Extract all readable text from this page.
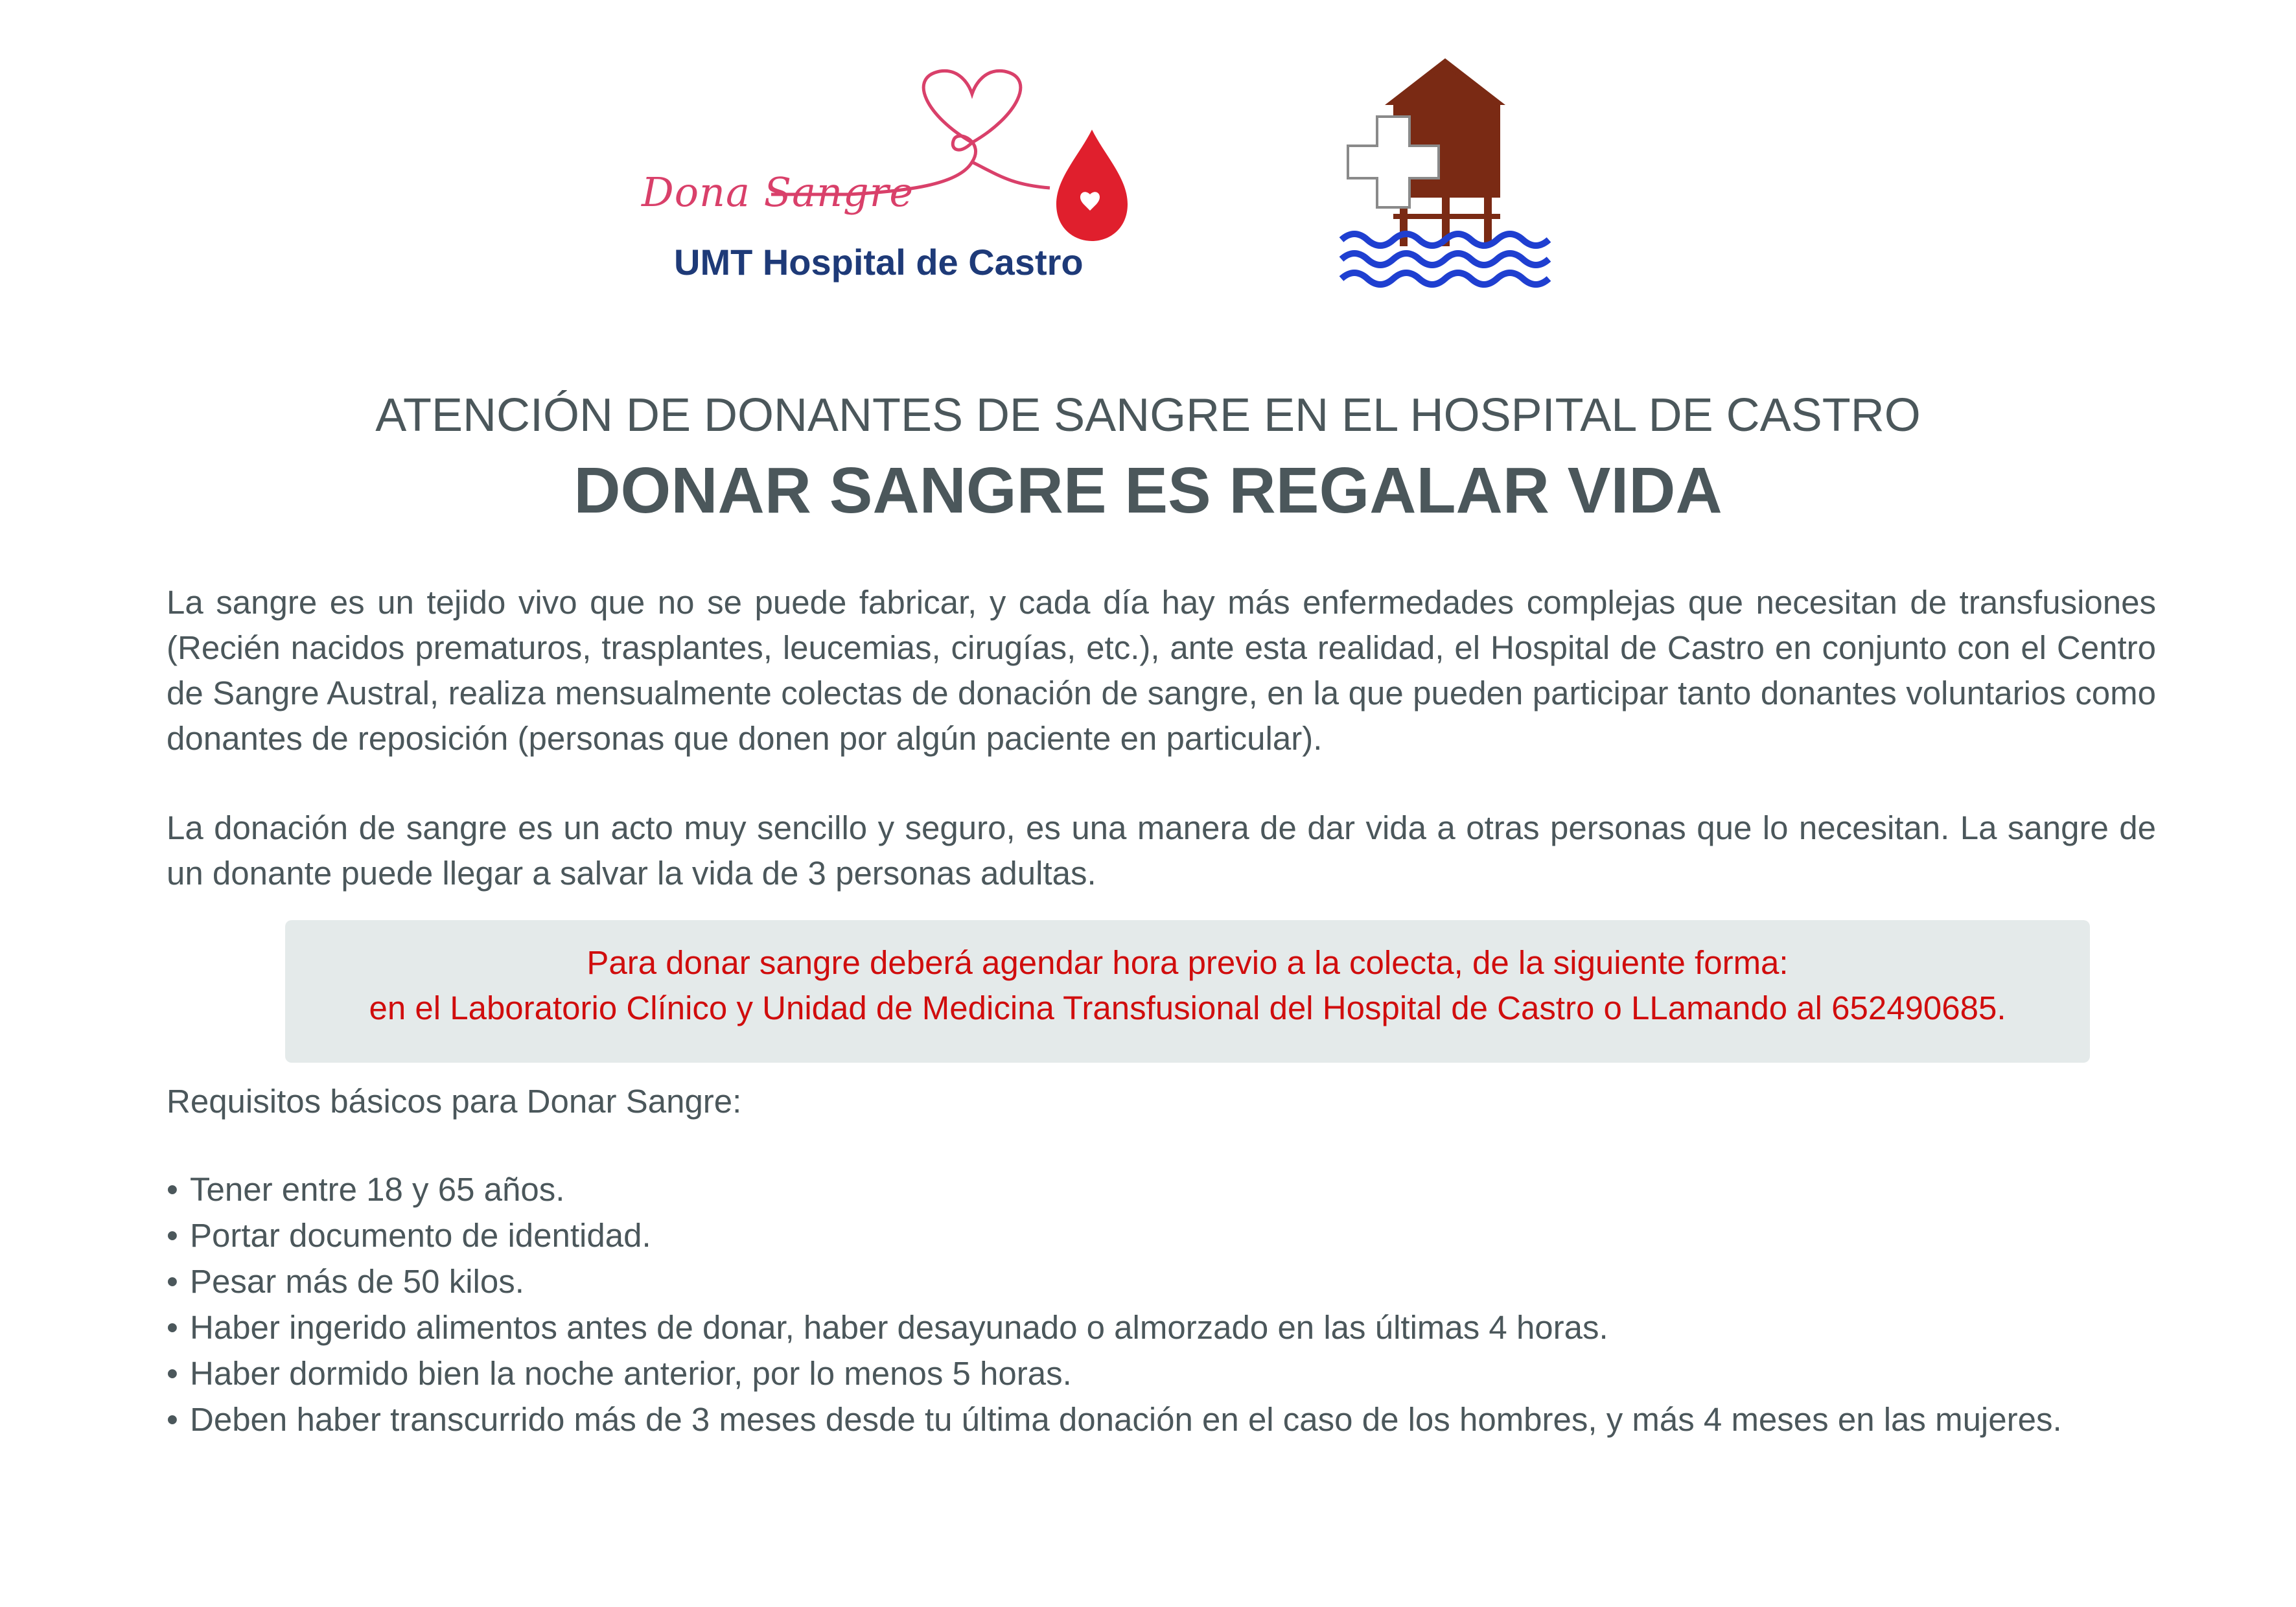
Dona Sangre
UMT Hospital de Castro
ATENCIÓN DE DONANTES DE SANGRE EN EL HOSPITAL DE CASTRO
DONAR SANGRE ES REGALAR VIDA

La sangre es un tejido vivo que no se puede fabricar, y cada día hay más enfermedades complejas que necesitan de transfusiones (Recién nacidos prematuros, trasplantes, leucemias, cirugías, etc.), ante esta realidad, el Hospital de Castro en conjunto con el Centro de Sangre Austral, realiza mensualmente colectas de donación de sangre, en la que pueden participar tanto donantes voluntarios como donantes de reposición (personas que donen por algún paciente en particular).

La donación de sangre es un acto muy sencillo y seguro, es una manera de dar vida a otras personas que lo necesitan. La sangre de un donante puede llegar a salvar la vida de 3 personas adultas.

Para donar sangre deberá agendar hora previo a la colecta, de la siguiente forma:
en el Laboratorio Clínico y Unidad de Medicina Transfusional del Hospital de Castro o LLamando al 652490685.

Requisitos básicos para Donar Sangre:

• Tener entre 18 y 65 años.
• Portar documento de identidad.
• Pesar más de 50 kilos.
• Haber ingerido alimentos antes de donar, haber desayunado o almorzado en las últimas 4 horas.
• Haber dormido bien la noche anterior, por lo menos 5 horas.
• Deben haber transcurrido más de 3 meses desde tu última donación en el caso de los hombres, y más 4 meses en las mujeres.
